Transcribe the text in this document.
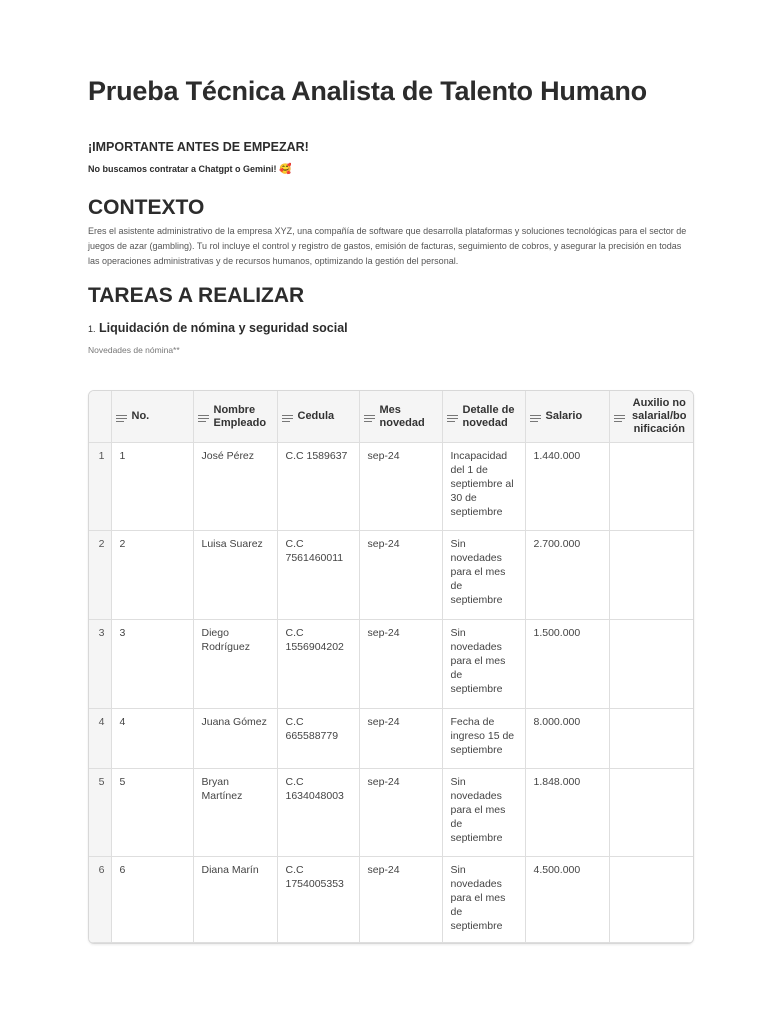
Prueba Técnica Analista de Talento Humano
¡IMPORTANTE ANTES DE EMPEZAR!
No buscamos contratar a Chatgpt o Gemini! 🥰
CONTEXTO
Eres el asistente administrativo de la empresa XYZ, una compañía de software que desarrolla plataformas y soluciones tecnológicas para el sector de juegos de azar (gambling). Tu rol incluye el control y registro de gastos, emisión de facturas, seguimiento de cobros, y asegurar la precisión en todas las operaciones administrativas y de recursos humanos, optimizando la gestión del personal.
TAREAS A REALIZAR
1. Liquidación de nómina y seguridad social
Novedades de nómina**

	No.	Nombre Empleado	Cedula	Mes novedad	Detalle de novedad	Salario	Auxilio no salarial/bo nificación

1	1	José Pérez	C.C 1589637	sep-24	Incapacidad del 1 de septiembre al 30 de septiembre	1.440.000	
2	2	Luisa Suarez	C.C 7561460011	sep-24	Sin novedades para el mes de septiembre	2.700.000	
3	3	Diego Rodríguez	C.C 1556904202	sep-24	Sin novedades para el mes de septiembre	1.500.000	
4	4	Juana Gómez	C.C 665588779	sep-24	Fecha de ingreso 15 de septiembre	8.000.000	
5	5	Bryan Martínez	C.C 1634048003	sep-24	Sin novedades para el mes de septiembre	1.848.000	
6	6	Diana Marín	C.C 1754005353	sep-24	Sin novedades para el mes de septiembre	4.500.000	
